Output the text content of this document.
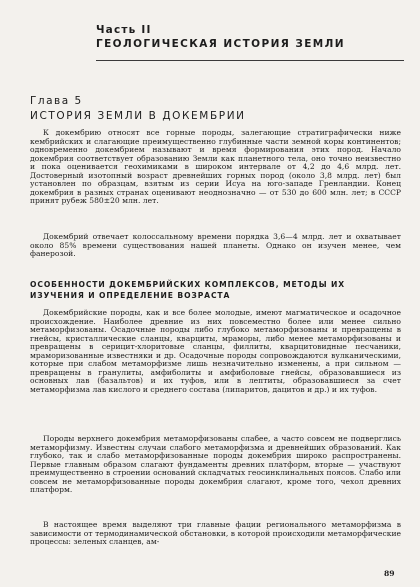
Часть II
ГЕОЛОГИЧЕСКАЯ ИСТОРИЯ ЗЕМЛИ
Глава 5
ИСТОРИЯ ЗЕМЛИ В ДОКЕМБРИИ

К докембрию относят все горные породы, залегающие стратиграфически ниже кембрийских и слагающие преимущественно глубинные части земной коры континентов; одновременно докембрием называют и время формирования этих пород. Начало докембрия соответствует образованию Земли как планетного тела, оно точно неизвестно и пока оценивается геохимиками в широком интервале от 4,2 до 4,6 млрд. лет. Достоверный изотопный возраст древнейших горных пород (около 3,8 млрд. лет) был установлен по образцам, взятым из серии Исуа на юго-западе Гренландии. Конец докембрия в разных странах оценивают неоднозначно — от 530 до 600 млн. лет; в СССР принят рубеж 580±20 млн. лет.

Докембрий отвечает колоссальному времени порядка 3,6—4 млрд. лет и охватывает около 85% времени существования нашей планеты. Однако он изучен менее, чем фанерозой.

ОСОБЕННОСТИ ДОКЕМБРИЙСКИХ КОМПЛЕКСОВ, МЕТОДЫ ИХ ИЗУЧЕНИЯ И ОПРЕДЕЛЕНИЕ ВОЗРАСТА

Докембрийские породы, как и все более молодые, имеют магматическое и осадочное происхождение. Наиболее древние из них повсеместно более или менее сильно метаморфизованы. Осадочные породы либо глубоко метаморфизованы и превращены в гнейсы, кристаллические сланцы, кварциты, мраморы, либо менее метаморфизованы и превращены в серицит-хлоритовые сланцы, филлиты, кварцитовидные песчаники, мраморизованные известняки и др. Осадочные породы сопровождаются вулканическими, которые при слабом метаморфизме лишь незначительно изменены, а при сильном — превращены в гранулиты, амфиболиты и амфиболовые гнейсы, образовавшиеся из основных лав (базальтов) и их туфов, или в лептиты, образовавшиеся за счет метаморфизма лав кислого и среднего состава (липаритов, дацитов и др.) и их туфов.

Породы верхнего докембрия метаморфизованы слабее, а часто совсем не подверглись метаморфизму. Известны случаи слабого метаморфизма и древнейших образований. Как глубоко, так и слабо метаморфизованные породы докембрия широко распространены. Первые главным образом слагают фундаменты древних платформ, вторые — участвуют преимущественно в строении оснований складчатых геосинклинальных поясов. Слабо или совсем не метаморфизованные породы докембрия слагают, кроме того, чехол древних платформ.

В настоящее время выделяют три главные фации регионального метаморфизма в зависимости от термодинамической обстановки, в которой происходили метаморфические процессы: зеленых сланцев, ам-

89
